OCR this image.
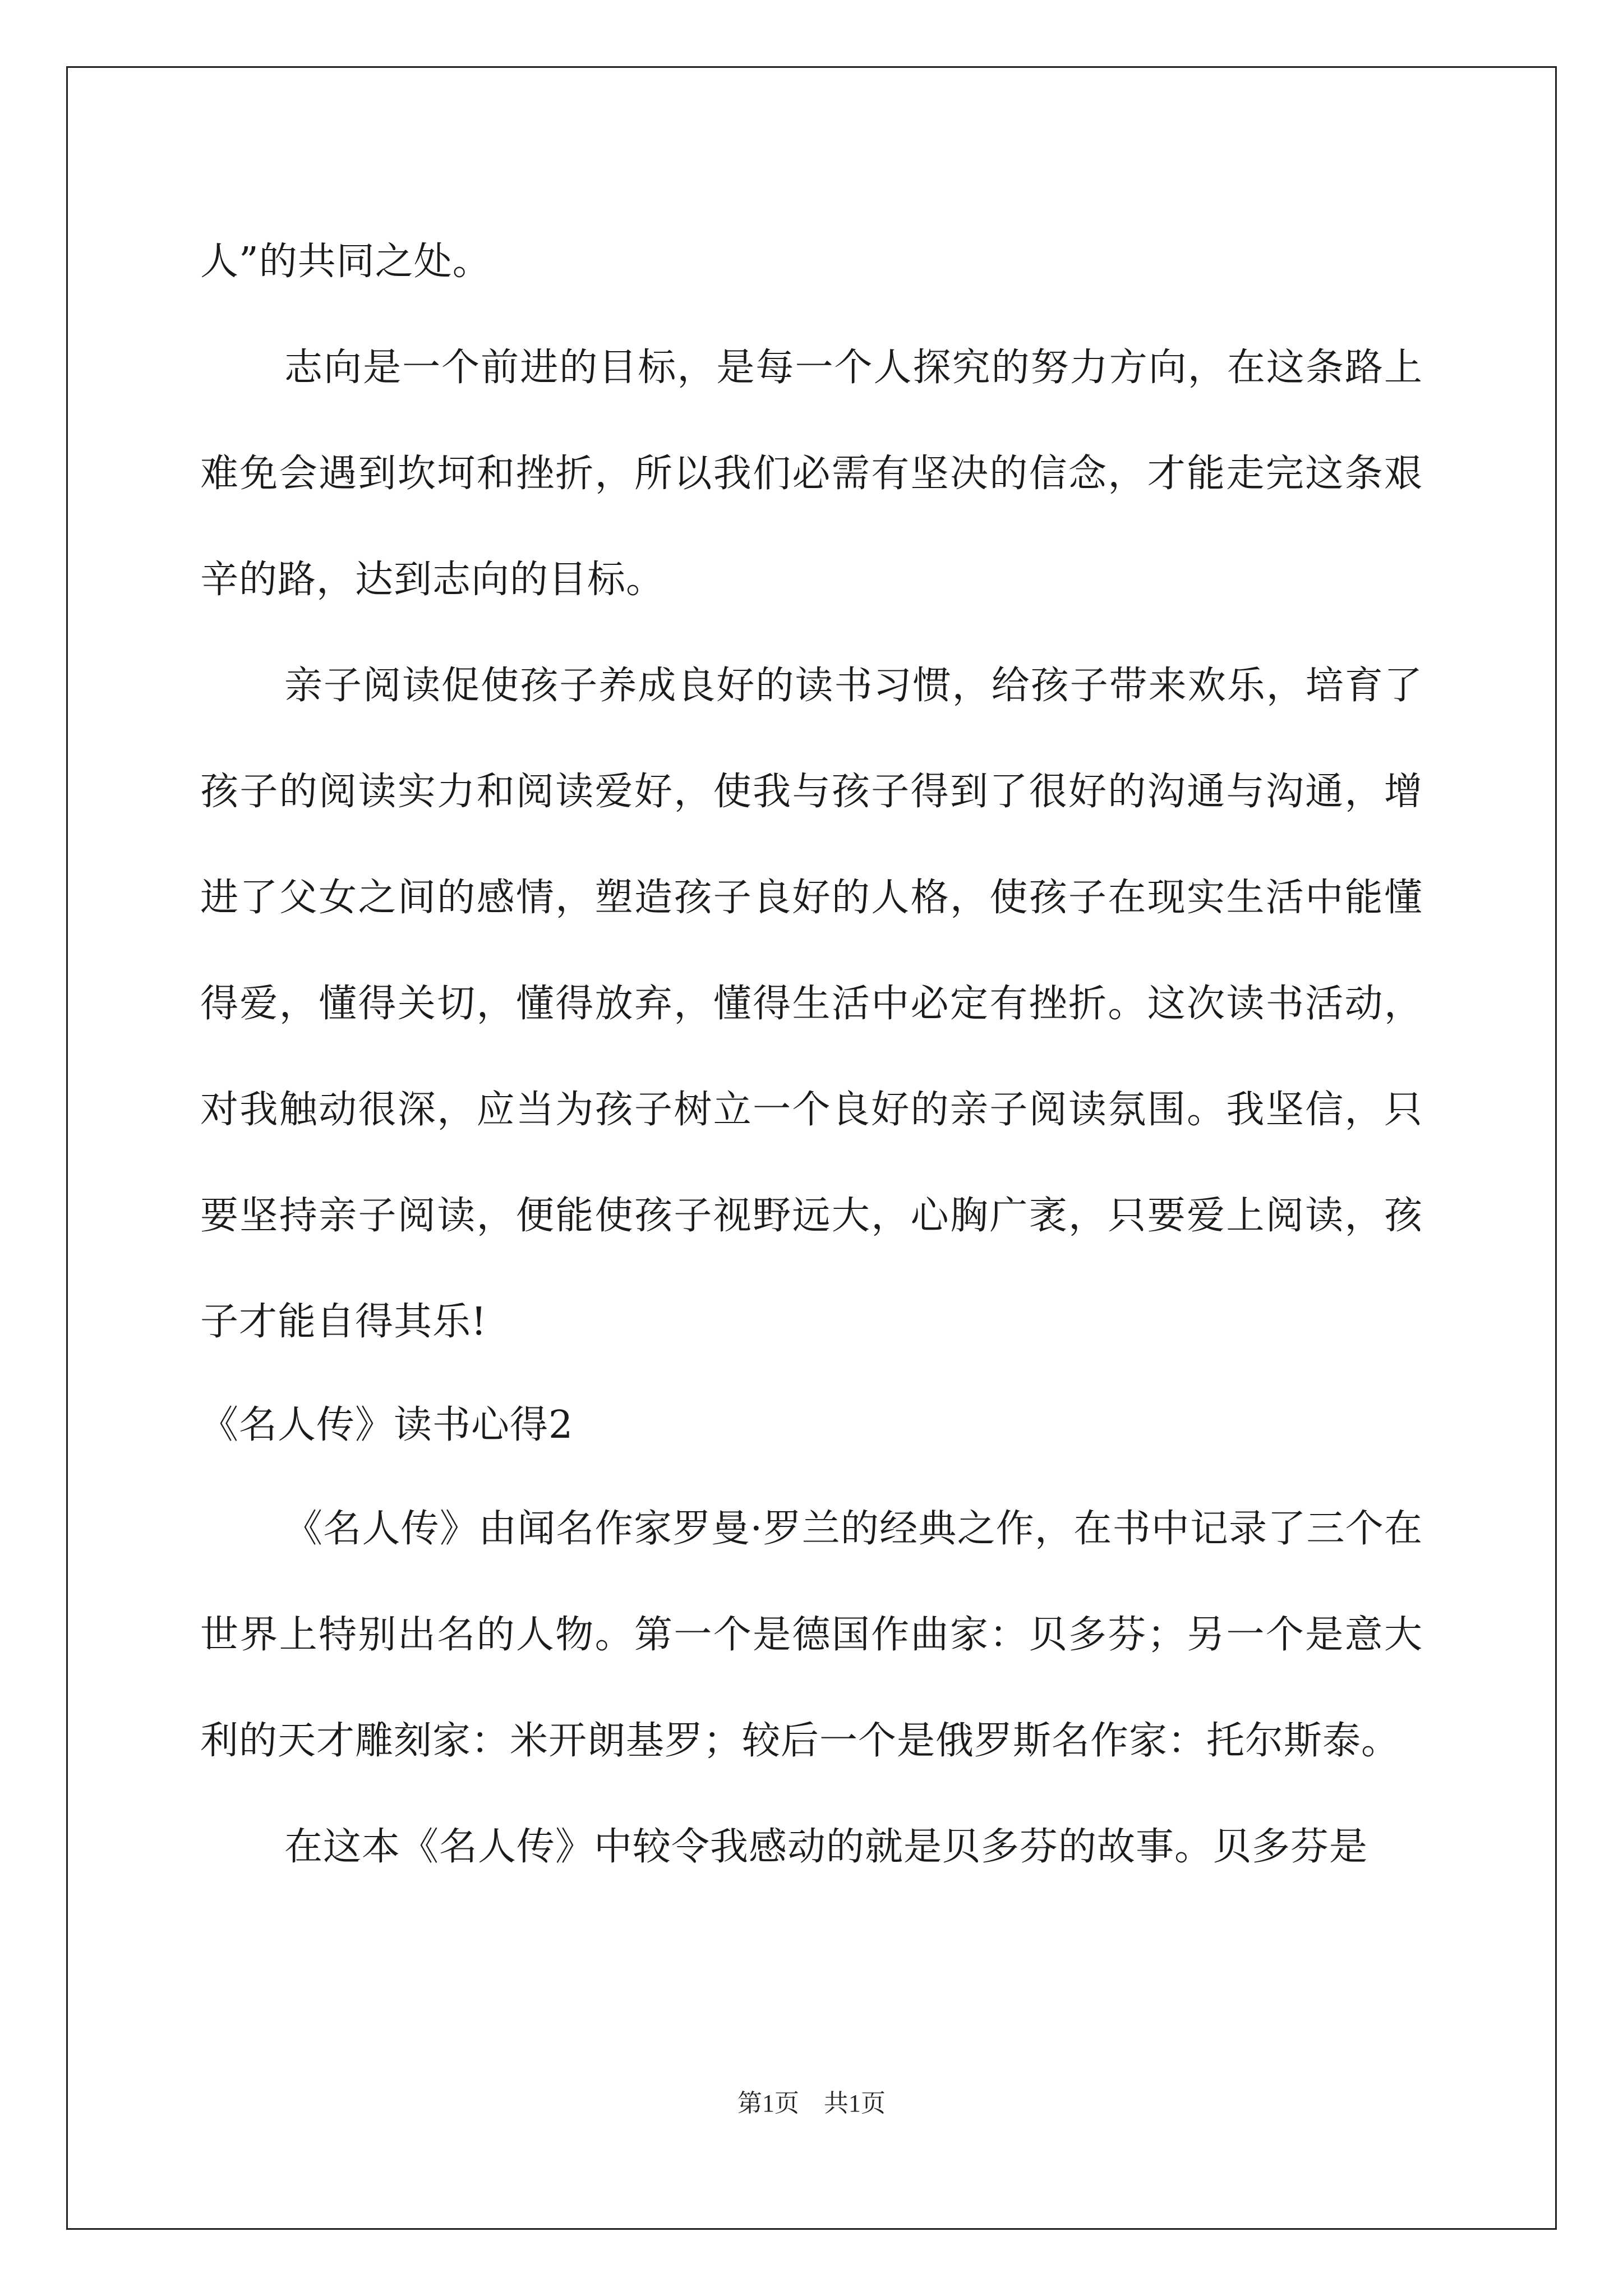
人”的共同之处。

志向是一个前进的目标，是每一个人探究的努力方向，在这条路上难免会遇到坎坷和挫折，所以我们必需有坚决的信念，才能走完这条艰辛的路，达到志向的目标。

亲子阅读促使孩子养成良好的读书习惯，给孩子带来欢乐，培育了孩子的阅读实力和阅读爱好，使我与孩子得到了很好的沟通与沟通，增进了父女之间的感情，塑造孩子良好的人格，使孩子在现实生活中能懂得爱，懂得关切，懂得放弃，懂得生活中必定有挫折。这次读书活动，对我触动很深，应当为孩子树立一个良好的亲子阅读氛围。我坚信，只要坚持亲子阅读，便能使孩子视野远大，心胸广袤，只要爱上阅读，孩子才能自得其乐!

《名人传》读书心得2

《名人传》由闻名作家罗曼·罗兰的经典之作，在书中记录了三个在世界上特别出名的人物。第一个是德国作曲家：贝多芬；另一个是意大利的天才雕刻家：米开朗基罗；较后一个是俄罗斯名作家：托尔斯泰。

在这本《名人传》中较令我感动的就是贝多芬的故事。贝多芬是

第1页 共1页
